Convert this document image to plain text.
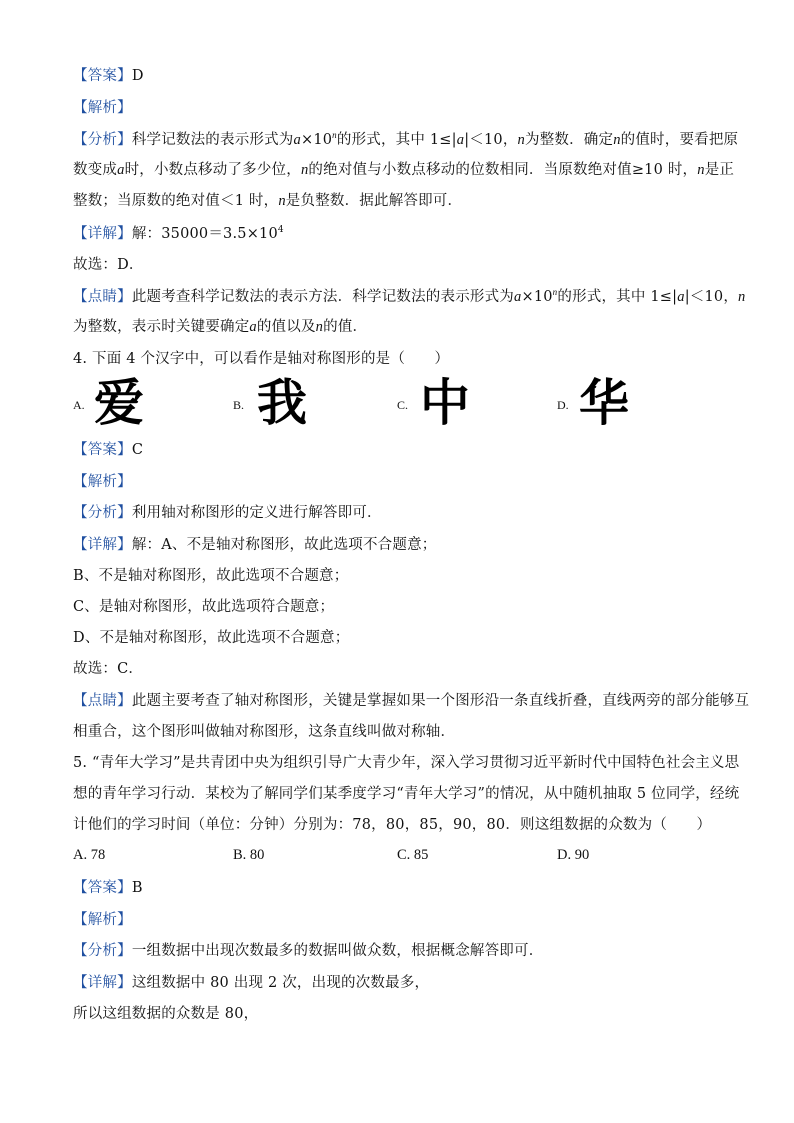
【答案】D
【解析】
【分析】科学记数法的表示形式为$a\times 10^n$的形式，其中 1≤|a|＜10，n为整数．确定n的值时，要看把原
数变成a时，小数点移动了多少位，n的绝对值与小数点移动的位数相同．当原数绝对值≥10 时，n是正
整数；当原数的绝对值＜1 时，n是负整数．据此解答即可．
【详解】解：$35000=3.5\times 10^4$
故选：D．
【点睛】此题考查科学记数法的表示方法．科学记数法的表示形式为$a\times 10^n$的形式，其中 1≤|a|＜10，n
为整数，表示时关键要确定a的值以及n的值．
4. 下面 4 个汉字中，可以看作是轴对称图形的是（　　）
A. 爱	B. 我	C. 中	D. 华
【答案】C
【解析】
【分析】利用轴对称图形的定义进行解答即可．
【详解】解：A、不是轴对称图形，故此选项不合题意；
B、不是轴对称图形，故此选项不合题意；
C、是轴对称图形，故此选项符合题意；
D、不是轴对称图形，故此选项不合题意；
故选：C．
【点睛】此题主要考查了轴对称图形，关键是掌握如果一个图形沿一条直线折叠，直线两旁的部分能够互
相重合，这个图形叫做轴对称图形，这条直线叫做对称轴．
5. “青年大学习”是共青团中央为组织引导广大青少年，深入学习贯彻习近平新时代中国特色社会主义思
想的青年学习行动．某校为了解同学们某季度学习“青年大学习”的情况，从中随机抽取 5 位同学，经统
计他们的学习时间（单位：分钟）分别为：78，80，85，90，80．则这组数据的众数为（　　）
A. 78	B. 80	C. 85	D. 90
【答案】B
【解析】
【分析】一组数据中出现次数最多的数据叫做众数，根据概念解答即可．
【详解】这组数据中 80 出现 2 次，出现的次数最多，
所以这组数据的众数是 80，
